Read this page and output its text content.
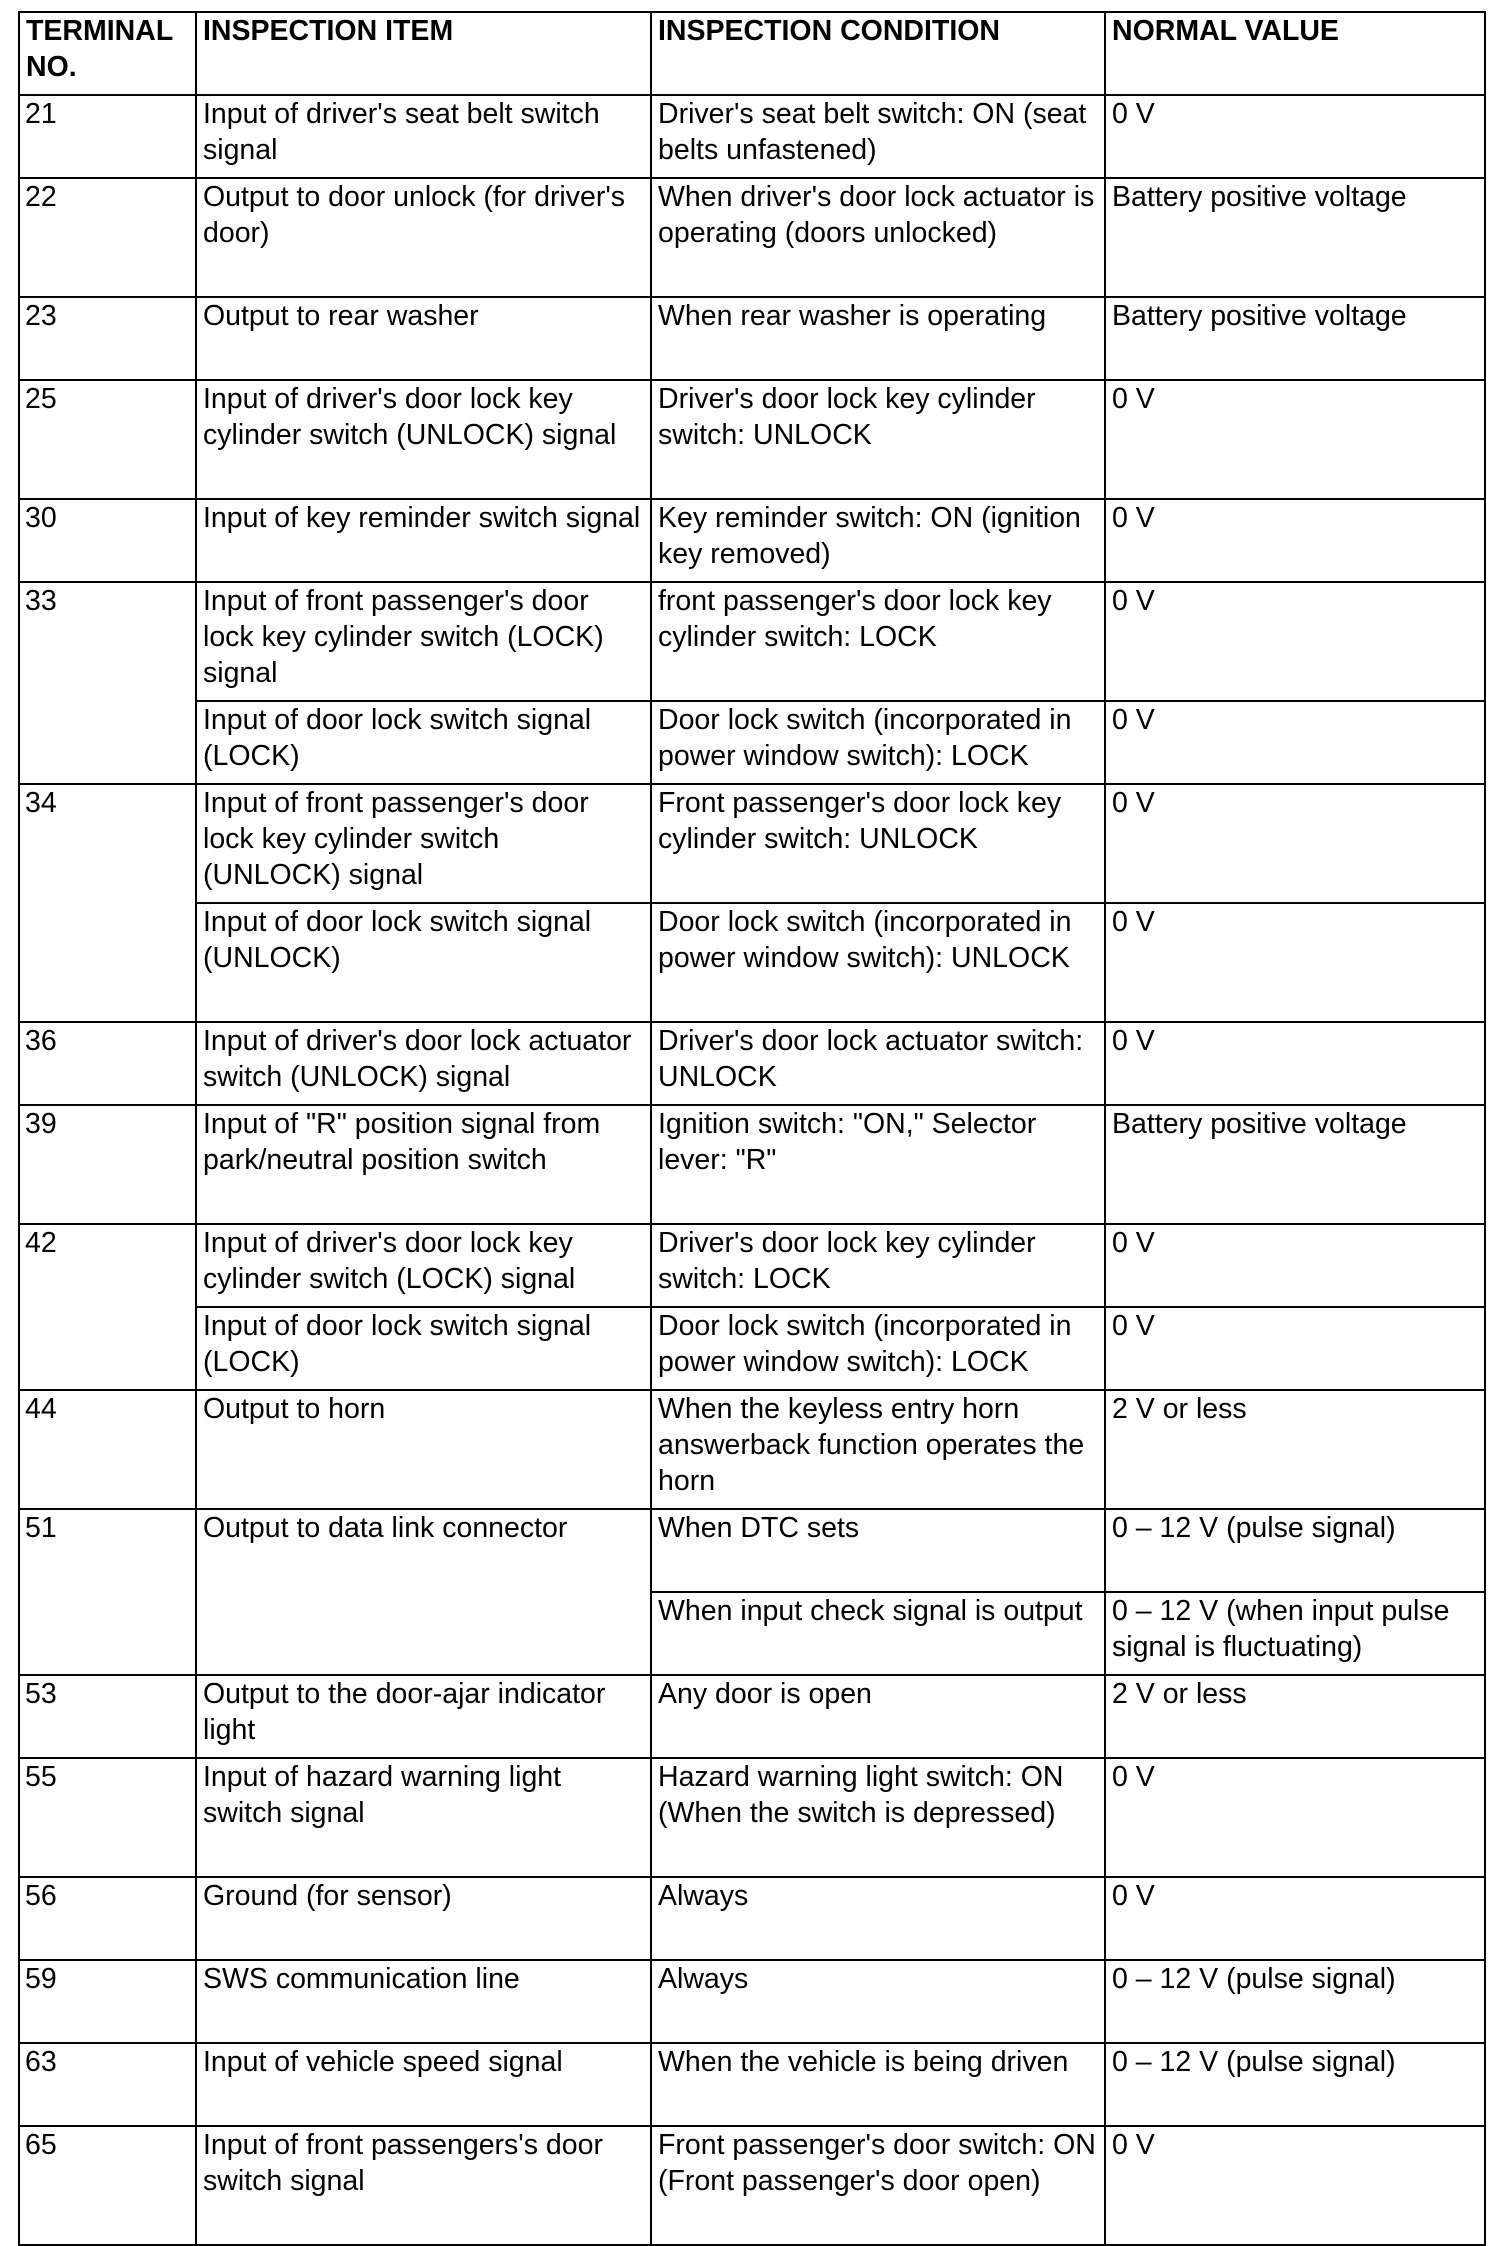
TERMINAL NO.	INSPECTION ITEM	INSPECTION CONDITION	NORMAL VALUE
21	Input of driver's seat belt switch signal	Driver's seat belt switch: ON (seat belts unfastened)	0 V
22	Output to door unlock (for driver's door)	When driver's door lock actuator is operating (doors unlocked)	Battery positive voltage
23	Output to rear washer	When rear washer is operating	Battery positive voltage
25	Input of driver's door lock key cylinder switch (UNLOCK) signal	Driver's door lock key cylinder switch: UNLOCK	0 V
30	Input of key reminder switch signal	Key reminder switch: ON (ignition key removed)	0 V
33	Input of front passenger's door lock key cylinder switch (LOCK) signal	front passenger's door lock key cylinder switch: LOCK	0 V
	Input of door lock switch signal (LOCK)	Door lock switch (incorporated in power window switch): LOCK	0 V
34	Input of front passenger's door lock key cylinder switch (UNLOCK) signal	Front passenger's door lock key cylinder switch: UNLOCK	0 V
	Input of door lock switch signal (UNLOCK)	Door lock switch (incorporated in power window switch): UNLOCK	0 V
36	Input of driver's door lock actuator switch (UNLOCK) signal	Driver's door lock actuator switch: UNLOCK	0 V
39	Input of "R" position signal from park/neutral position switch	Ignition switch: "ON," Selector lever: "R"	Battery positive voltage
42	Input of driver's door lock key cylinder switch (LOCK) signal	Driver's door lock key cylinder switch: LOCK	0 V
	Input of door lock switch signal (LOCK)	Door lock switch (incorporated in power window switch): LOCK	0 V
44	Output to horn	When the keyless entry horn answerback function operates the horn	2 V or less
51	Output to data link connector	When DTC sets	0 – 12 V (pulse signal)
		When input check signal is output	0 – 12 V (when input pulse signal is fluctuating)
53	Output to the door-ajar indicator light	Any door is open	2 V or less
55	Input of hazard warning light switch signal	Hazard warning light switch: ON (When the switch is depressed)	0 V
56	Ground (for sensor)	Always	0 V
59	SWS communication line	Always	0 – 12 V (pulse signal)
63	Input of vehicle speed signal	When the vehicle is being driven	0 – 12 V (pulse signal)
65	Input of front passengers's door switch signal	Front passenger's door switch: ON (Front passenger's door open)	0 V
